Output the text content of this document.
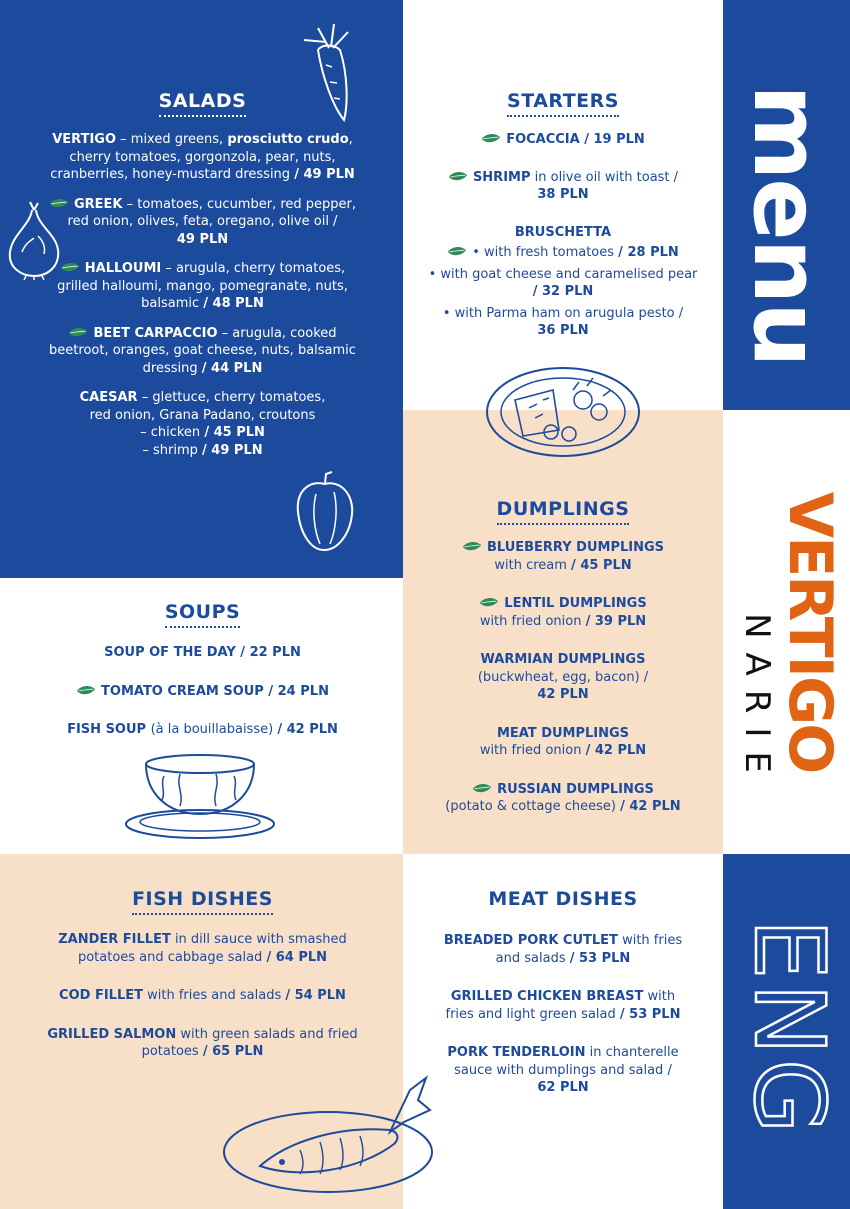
SALADS

VERTIGO – mixed greens, prosciutto crudo,
cherry tomatoes, gorgonzola, pear, nuts,
cranberries, honey-mustard dressing / 49 PLN

GREEK – tomatoes, cucumber, red pepper,
red onion, olives, feta, oregano, olive oil /
49 PLN

HALLOUMI – arugula, cherry tomatoes,
grilled halloumi, mango, pomegranate, nuts,
balsamic / 48 PLN

BEET CARPACCIO – arugula, cooked
beetroot, oranges, goat cheese, nuts, balsamic
dressing / 44 PLN

CAESAR – glettuce, cherry tomatoes,
red onion, Grana Padano, croutons
– chicken / 45 PLN
– shrimp / 49 PLN

STARTERS

FOCACCIA / 19 PLN

SHRIMP in olive oil with toast /
38 PLN

BRUSCHETTA

• with fresh tomatoes / 28 PLN

• with goat cheese and caramelised pear
/ 32 PLN

• with Parma ham on arugula pesto /
36 PLN

SOUPS

SOUP OF THE DAY / 22 PLN

TOMATO CREAM SOUP / 24 PLN

FISH SOUP (à la bouillabaisse) / 42 PLN

DUMPLINGS

BLUEBERRY DUMPLINGS
with cream / 45 PLN

LENTIL DUMPLINGS
with fried onion / 39 PLN

WARMIAN DUMPLINGS
(buckwheat, egg, bacon) /
42 PLN

MEAT DUMPLINGS
with fried onion / 42 PLN

RUSSIAN DUMPLINGS
(potato & cottage cheese) / 42 PLN

FISH DISHES

ZANDER FILLET in dill sauce with smashed
potatoes and cabbage salad / 64 PLN

COD FILLET with fries and salads / 54 PLN

GRILLED SALMON with green salads and fried
potatoes / 65 PLN

MEAT DISHES

BREADED PORK CUTLET with fries
and salads / 53 PLN

GRILLED CHICKEN BREAST with
fries and light green salad / 53 PLN

PORK TENDERLOIN in chanterelle
sauce with dumplings and salad /
62 PLN

menu
VERTIGO
NARIE
ENG
